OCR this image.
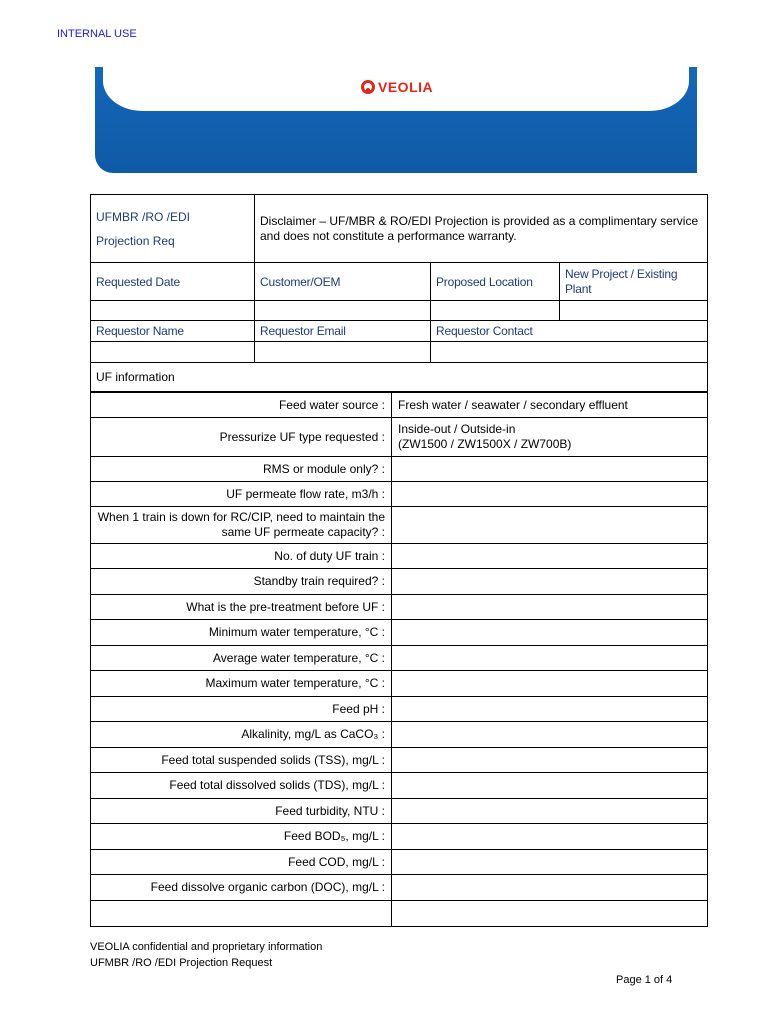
INTERNAL USE
VEOLIA
UFMBR /RO /EDI
Projection Req	Disclaimer – UF/MBR & RO/EDI Projection is provided as a complimentary service and does not constitute a performance warranty.		
Requested Date	Customer/OEM	Proposed Location	New Project / Existing Plant

Requestor Name	Requestor Email	Requestor Contact	

UF information			
Feed water source :	Fresh water / seawater / secondary effluent
Pressurize UF type requested :	Inside-out / Outside-in
(ZW1500 / ZW1500X / ZW700B)
RMS or module only? :	
UF permeate flow rate, m3/h :	
When 1 train is down for RC/CIP, need to maintain the same UF permeate capacity? :	
No. of duty UF train :	
Standby train required? :	
What is the pre-treatment before UF :	
Minimum water temperature, °C :	
Average water temperature, °C :	
Maximum water temperature, °C :	
Feed pH :	
Alkalinity, mg/L as CaCO₃ :	
Feed total suspended solids (TSS), mg/L :	
Feed total dissolved solids (TDS), mg/L :	
Feed turbidity, NTU :	
Feed BOD₅, mg/L :	
Feed COD, mg/L :	
Feed dissolve organic carbon (DOC), mg/L :	

VEOLIA confidential and proprietary information
UFMBR /RO /EDI Projection Request
Page 1 of 4
